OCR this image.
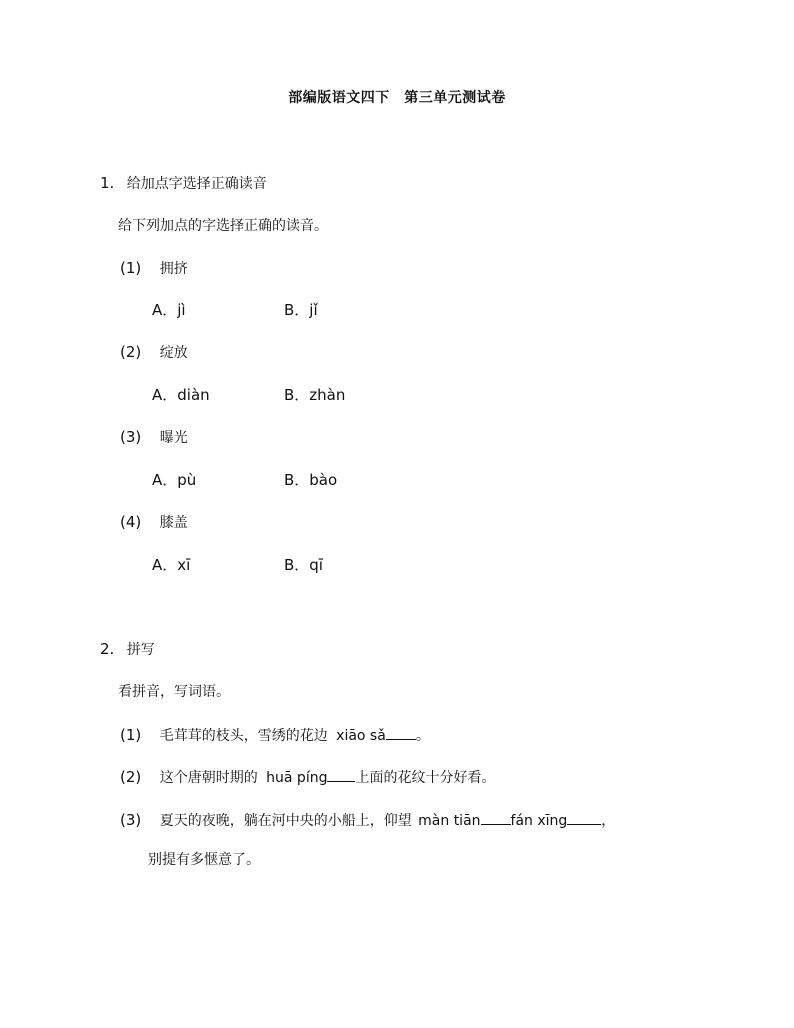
部编版语文四下　第三单元测试卷
1. 给加点字选择正确读音
给下列加点的字选择正确的读音。
(1) 拥挤
A．jì	B．jǐ
(2) 绽放
A．diàn	B．zhàn
(3) 曝光
A．pù	B．bào
(4) 膝盖
A．xī	B．qī
2. 拼写
看拼音，写词语。
(1) 毛茸茸的枝头，雪绣的花边 xiāo sǎ 。
(2) 这个唐朝时期的 huā píng 上面的花纹十分好看。
(3) 夏天的夜晚，躺在河中央的小船上，仰望 màn tiān fán xīng ，
别提有多惬意了。
